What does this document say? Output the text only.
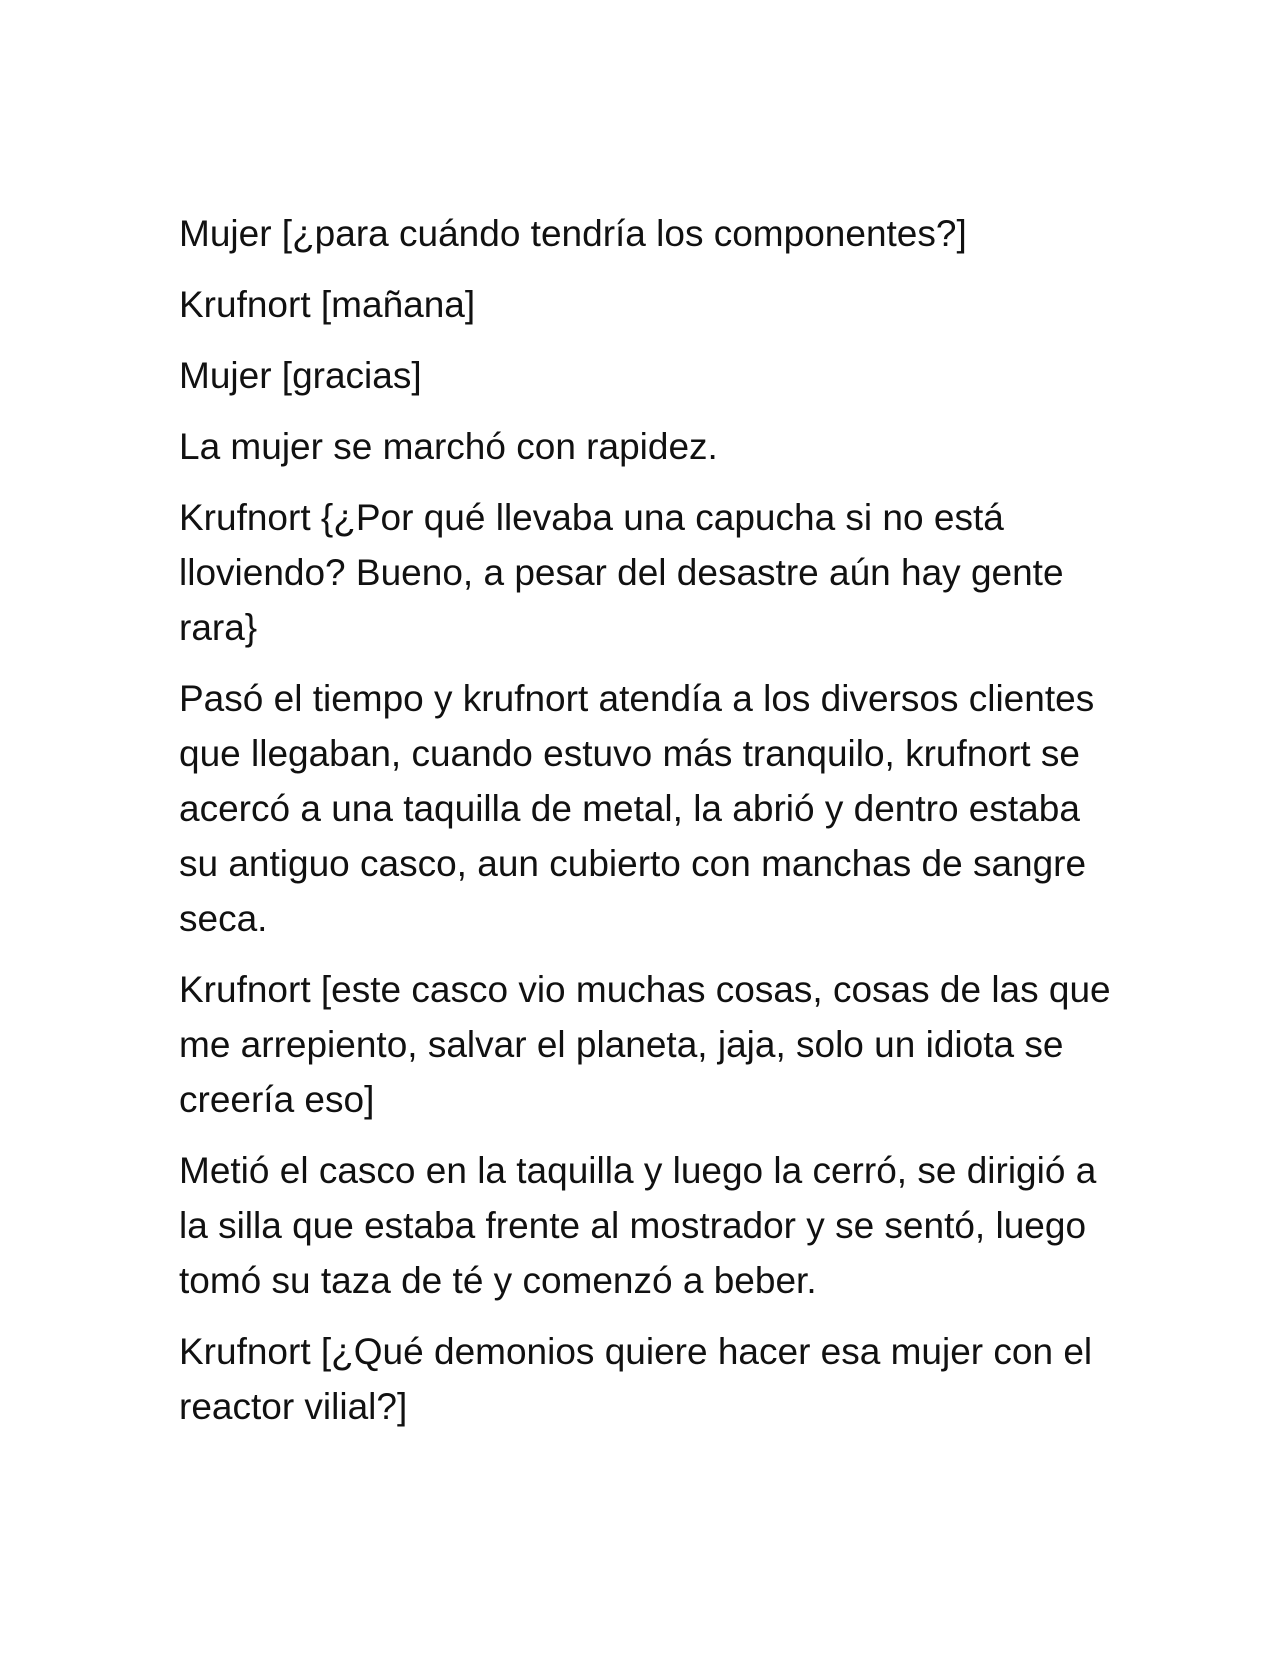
Mujer [¿para cuándo tendría los componentes?]

Krufnort [mañana]

Mujer [gracias]

La mujer se marchó con rapidez.

Krufnort {¿Por qué llevaba una capucha si no está lloviendo? Bueno, a pesar del desastre aún hay gente rara}

Pasó el tiempo y krufnort atendía a los diversos clientes que llegaban, cuando estuvo más tranquilo, krufnort se acercó a una taquilla de metal, la abrió y dentro estaba su antiguo casco, aun cubierto con manchas de sangre seca.

Krufnort [este casco vio muchas cosas, cosas de las que me arrepiento, salvar el planeta, jaja, solo un idiota se creería eso]

Metió el casco en la taquilla y luego la cerró, se dirigió a la silla que estaba frente al mostrador y se sentó, luego tomó su taza de té y comenzó a beber.

Krufnort [¿Qué demonios quiere hacer esa mujer con el reactor vilial?]
